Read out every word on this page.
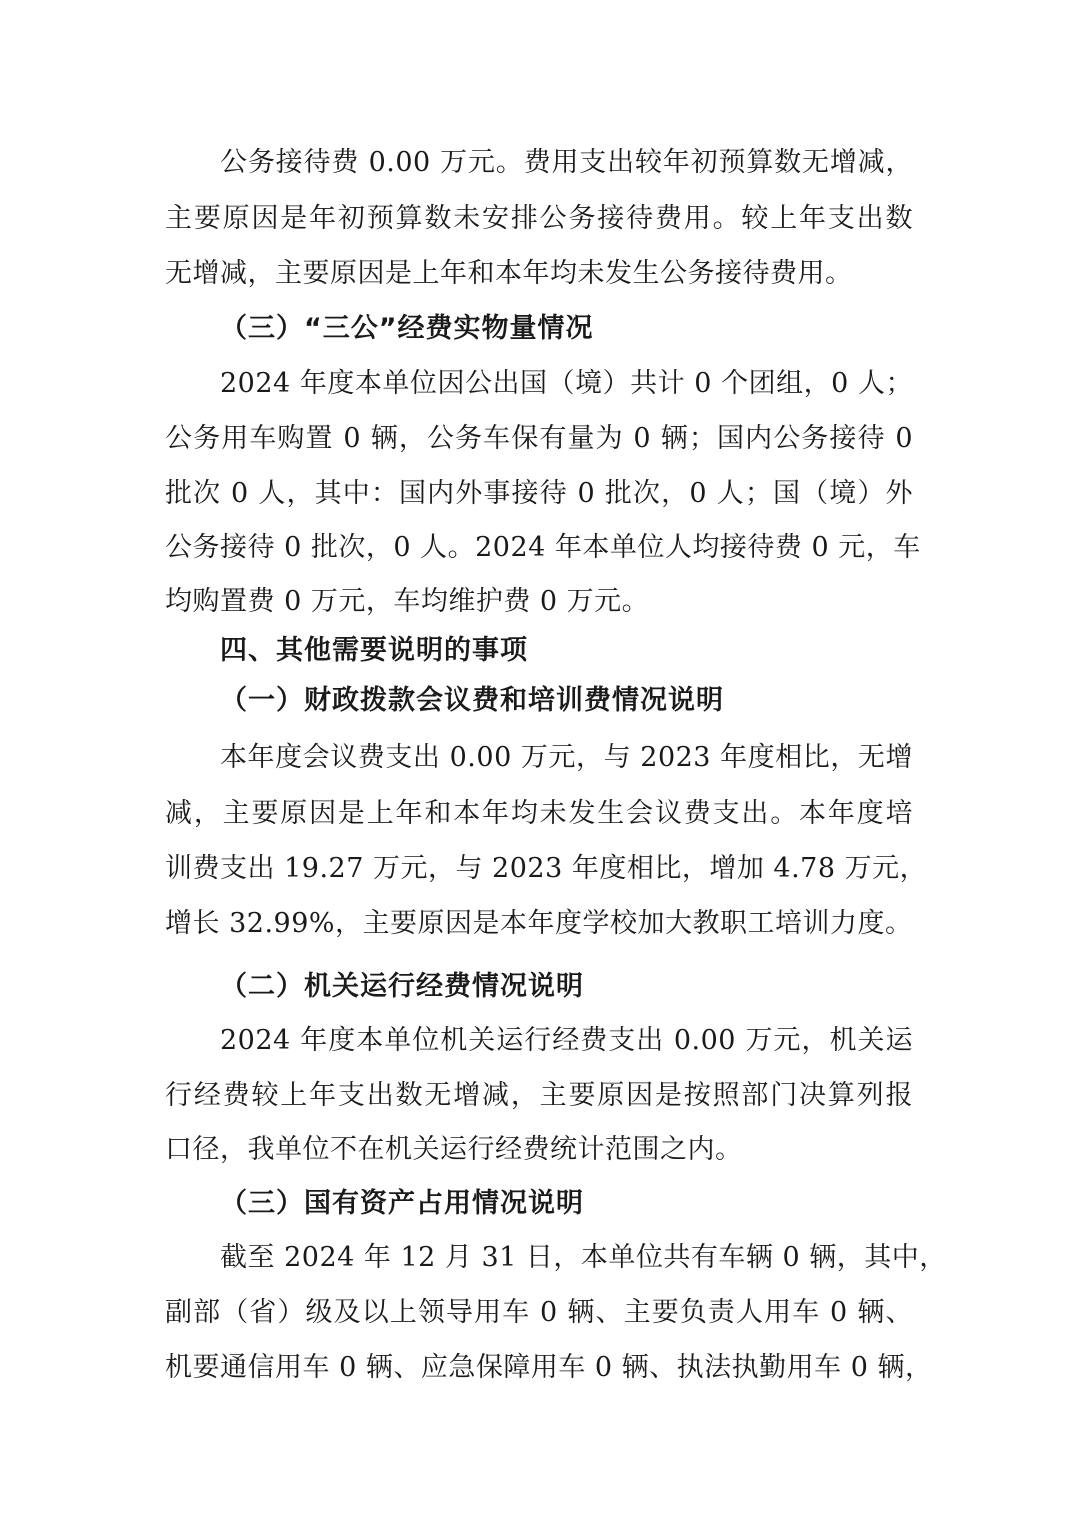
公务接待费 0.00 万元。费用支出较年初预算数无增减，
主要原因是年初预算数未安排公务接待费用。较上年支出数
无增减，主要原因是上年和本年均未发生公务接待费用。
（三）“三公”经费实物量情况
2024 年度本单位因公出国（境）共计 0 个团组，0 人；
公务用车购置 0 辆，公务车保有量为 0 辆；国内公务接待 0
批次 0 人，其中：国内外事接待 0 批次，0 人；国（境）外
公务接待 0 批次，0 人。2024 年本单位人均接待费 0 元，车
均购置费 0 万元，车均维护费 0 万元。
四、其他需要说明的事项
（一）财政拨款会议费和培训费情况说明
本年度会议费支出 0.00 万元，与 2023 年度相比，无增
减，主要原因是上年和本年均未发生会议费支出。本年度培
训费支出 19.27 万元，与 2023 年度相比，增加 4.78 万元，
增长 32.99%，主要原因是本年度学校加大教职工培训力度。
（二）机关运行经费情况说明
2024 年度本单位机关运行经费支出 0.00 万元，机关运
行经费较上年支出数无增减，主要原因是按照部门决算列报
口径，我单位不在机关运行经费统计范围之内。
（三）国有资产占用情况说明
截至 2024 年 12 月 31 日，本单位共有车辆 0 辆，其中，
副部（省）级及以上领导用车 0 辆、主要负责人用车 0 辆、
机要通信用车 0 辆、应急保障用车 0 辆、执法执勤用车 0 辆，
